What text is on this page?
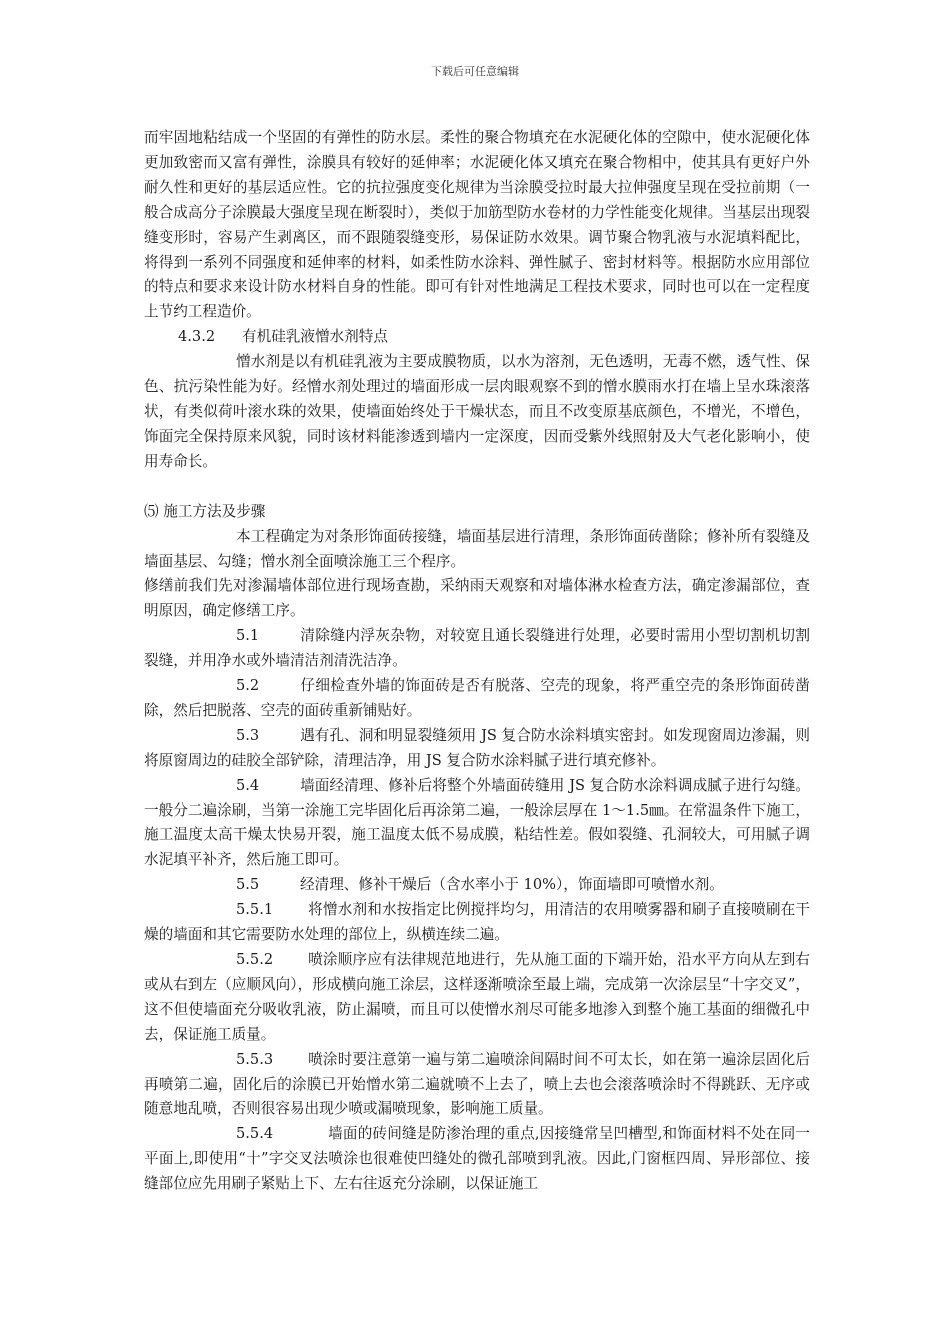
下载后可任意编辑

而牢固地粘结成一个坚固的有弹性的防水层。柔性的聚合物填充在水泥硬化体的空隙中，使水泥硬化体更加致密而又富有弹性，涂膜具有较好的延伸率；水泥硬化体又填充在聚合物相中，使其具有更好户外耐久性和更好的基层适应性。它的抗拉强度变化规律为当涂膜受拉时最大拉伸强度呈现在受拉前期（一般合成高分子涂膜最大强度呈现在断裂时），类似于加筋型防水卷材的力学性能变化规律。当基层出现裂缝变形时，容易产生剥离区，而不跟随裂缝变形，易保证防水效果。调节聚合物乳液与水泥填料配比，将得到一系列不同强度和延伸率的材料，如柔性防水涂料、弹性腻子、密封材料等。根据防水应用部位的特点和要求来设计防水材料自身的性能。即可有针对性地满足工程技术要求，同时也可以在一定程度上节约工程造价。

4.3.2 有机硅乳液憎水剂特点

憎水剂是以有机硅乳液为主要成膜物质，以水为溶剂，无色透明，无毒不燃，透气性、保色、抗污染性能为好。经憎水剂处理过的墙面形成一层肉眼观察不到的憎水膜雨水打在墙上呈水珠滚落状，有类似荷叶滚水珠的效果，使墙面始终处于干燥状态，而且不改变原基底颜色，不增光，不增色，饰面完全保持原来风貌，同时该材料能渗透到墙内一定深度，因而受紫外线照射及大气老化影响小，使用寿命长。

⑸ 施工方法及步骤

本工程确定为对条形饰面砖接缝，墙面基层进行清理，条形饰面砖凿除；修补所有裂缝及墙面基层、勾缝；憎水剂全面喷涂施工三个程序。

修缮前我们先对渗漏墙体部位进行现场查勘，采纳雨天观察和对墙体淋水检查方法，确定渗漏部位，查明原因，确定修缮工序。

5.1	清除缝内浮灰杂物，对较宽且通长裂缝进行处理，必要时需用小型切割机切割裂缝，并用净水或外墙清洁剂清洗洁净。

5.2	仔细检查外墙的饰面砖是否有脱落、空壳的现象，将严重空壳的条形饰面砖凿除，然后把脱落、空壳的面砖重新铺贴好。

5.3	遇有孔、洞和明显裂缝须用 JS 复合防水涂料填实密封。如发现窗周边渗漏，则将原窗周边的硅胶全部铲除，清理洁净，用 JS 复合防水涂料腻子进行填充修补。

5.4	墙面经清理、修补后将整个外墙面砖缝用 JS 复合防水涂料调成腻子进行勾缝。一般分二遍涂刷，当第一涂施工完毕固化后再涂第二遍，一般涂层厚在 1～1.5㎜。在常温条件下施工，施工温度太高干燥太快易开裂，施工温度太低不易成膜，粘结性差。假如裂缝、孔洞较大，可用腻子调水泥填平补齐，然后施工即可。

5.5	经清理、修补干燥后（含水率小于 10%），饰面墙即可喷憎水剂。

5.5.1 将憎水剂和水按指定比例搅拌均匀，用清洁的农用喷雾器和刷子直接喷刷在干燥的墙面和其它需要防水处理的部位上，纵横连续二遍。

5.5.2 喷涂顺序应有法律规范地进行，先从施工面的下端开始，沿水平方向从左到右或从右到左（应顺风向），形成横向施工涂层，这样逐渐喷涂至最上端，完成第一次涂层呈“十字交叉”，这不但使墙面充分吸收乳液，防止漏喷，而且可以使憎水剂尽可能多地渗入到整个施工基面的细微孔中去，保证施工质量。

5.5.3 喷涂时要注意第一遍与第二遍喷涂间隔时间不可太长，如在第一遍涂层固化后再喷第二遍，固化后的涂膜已开始憎水第二遍就喷不上去了，喷上去也会滚落喷涂时不得跳跃、无序或随意地乱喷，否则很容易出现少喷或漏喷现象，影响施工质量。

5.5.4	墙面的砖间缝是防渗治理的重点,因接缝常呈凹槽型,和饰面材料不处在同一平面上,即使用“十”字交叉法喷涂也很难使凹缝处的微孔部喷到乳液。因此,门窗框四周、异形部位、接缝部位应先用刷子紧贴上下、左右往返充分涂刷，以保证施工
